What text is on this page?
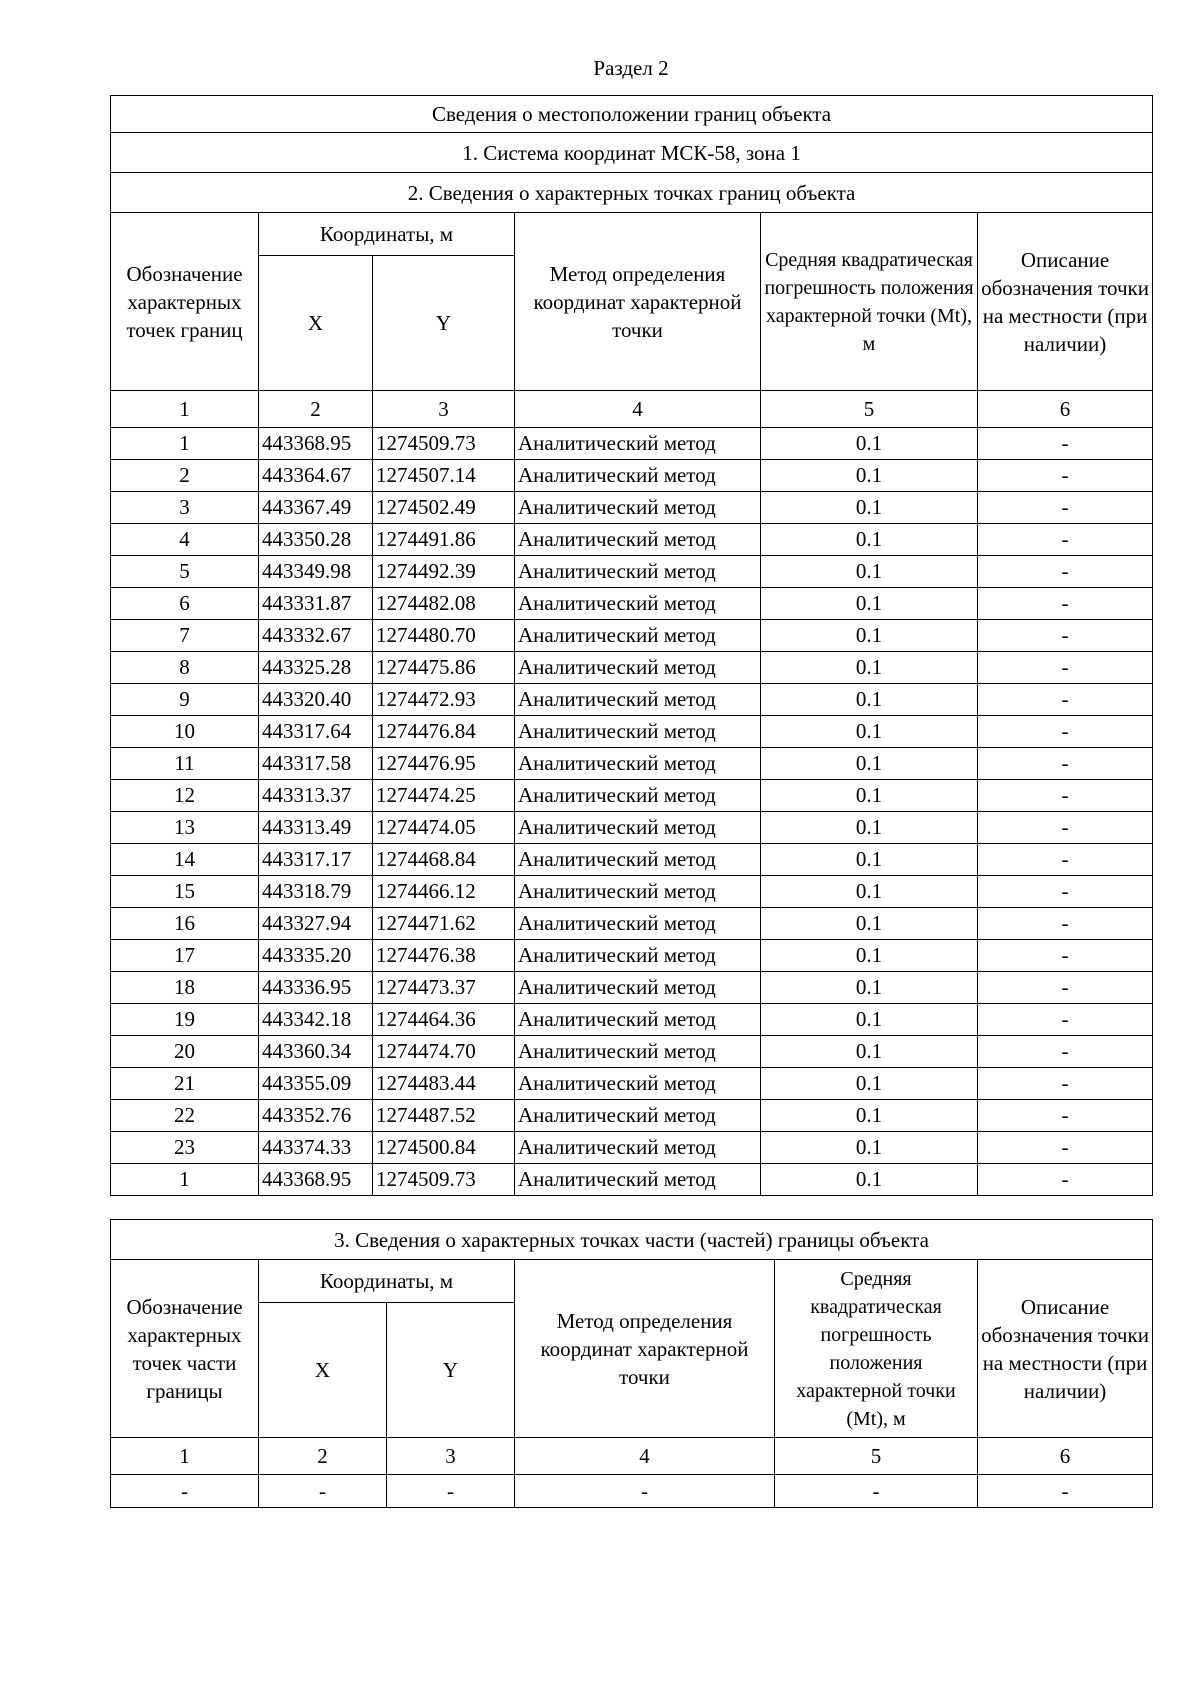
Раздел 2
Сведения о местоположении границ объекта					
1. Система координат МСК-58, зона 1					
2. Сведения о характерных точках границ объекта					
Обозначение характерных точек границ	Координаты, м		Метод определения координат характерной точки	Средняя квадратическая погрешность положения характерной точки (Mt), м	Описание обозначения точки на местности (при наличии)
	X	Y			
1	2	3	4	5	6
1	443368.95	1274509.73	Аналитический метод	0.1	-
2	443364.67	1274507.14	Аналитический метод	0.1	-
3	443367.49	1274502.49	Аналитический метод	0.1	-
4	443350.28	1274491.86	Аналитический метод	0.1	-
5	443349.98	1274492.39	Аналитический метод	0.1	-
6	443331.87	1274482.08	Аналитический метод	0.1	-
7	443332.67	1274480.70	Аналитический метод	0.1	-
8	443325.28	1274475.86	Аналитический метод	0.1	-
9	443320.40	1274472.93	Аналитический метод	0.1	-
10	443317.64	1274476.84	Аналитический метод	0.1	-
11	443317.58	1274476.95	Аналитический метод	0.1	-
12	443313.37	1274474.25	Аналитический метод	0.1	-
13	443313.49	1274474.05	Аналитический метод	0.1	-
14	443317.17	1274468.84	Аналитический метод	0.1	-
15	443318.79	1274466.12	Аналитический метод	0.1	-
16	443327.94	1274471.62	Аналитический метод	0.1	-
17	443335.20	1274476.38	Аналитический метод	0.1	-
18	443336.95	1274473.37	Аналитический метод	0.1	-
19	443342.18	1274464.36	Аналитический метод	0.1	-
20	443360.34	1274474.70	Аналитический метод	0.1	-
21	443355.09	1274483.44	Аналитический метод	0.1	-
22	443352.76	1274487.52	Аналитический метод	0.1	-
23	443374.33	1274500.84	Аналитический метод	0.1	-
1	443368.95	1274509.73	Аналитический метод	0.1	-
3. Сведения о характерных точках части (частей) границы объекта					
Обозначение характерных точек части границы	Координаты, м		Метод определения координат характерной точки	Средняя квадратическая погрешность положения характерной точки (Mt), м	Описание обозначения точки на местности (при наличии)
	X	Y			
1	2	3	4	5	6
-	-	-	-	-	-
